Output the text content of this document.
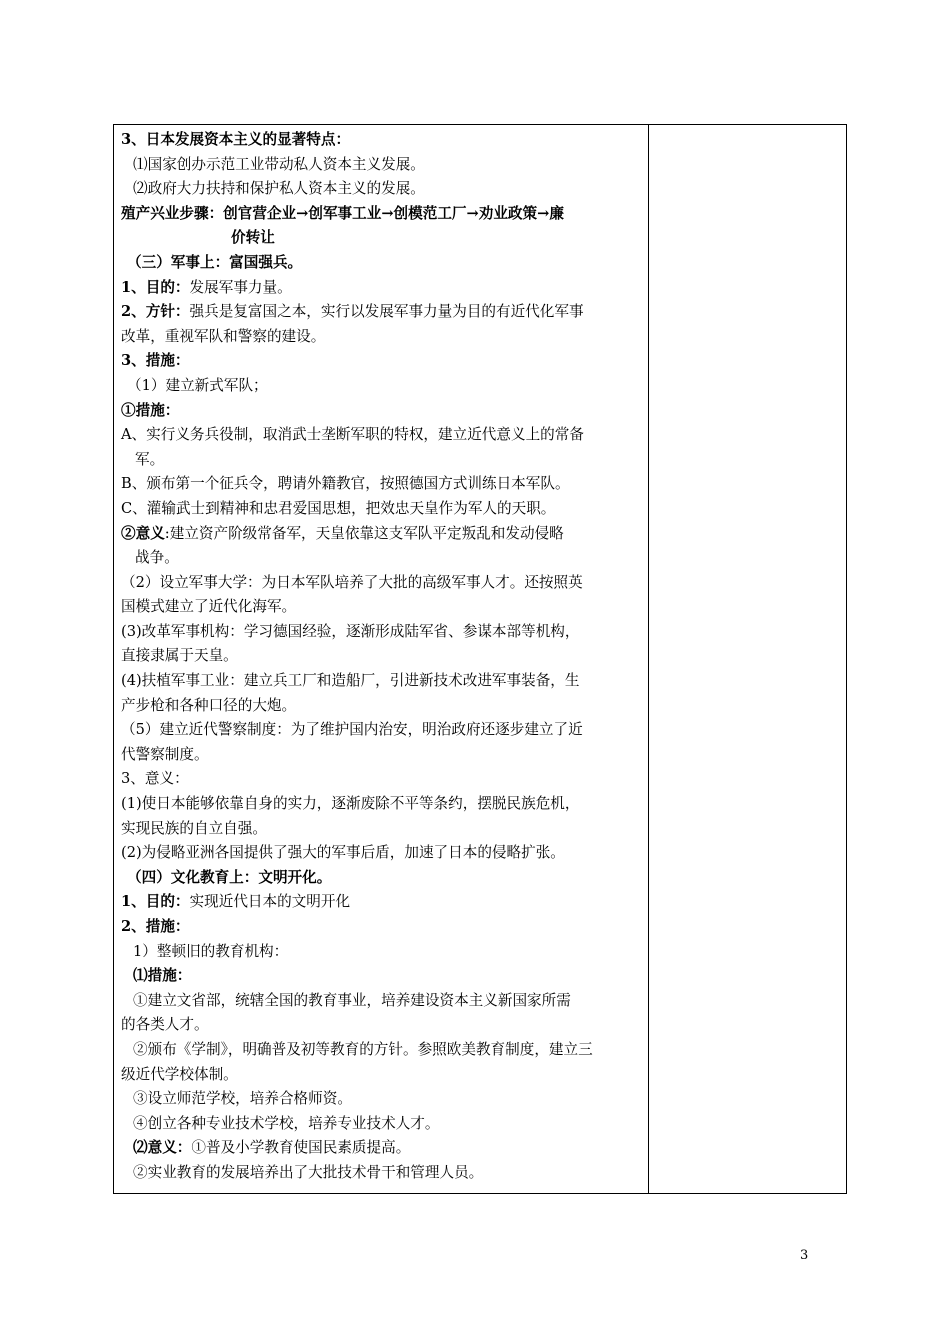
3、日本发展资本主义的显著特点：
⑴国家创办示范工业带动私人资本主义发展。
⑵政府大力扶持和保护私人资本主义的发展。
殖产兴业步骤：创官营企业→创军事工业→创模范工厂→劝业政策→廉
价转让
（三）军事上：富国强兵。
1、目的：发展军事力量。
2、方针：强兵是复富国之本，实行以发展军事力量为目的有近代化军事
改革，重视军队和警察的建设。
3、措施：
（1）建立新式军队；
①措施：
A、实行义务兵役制，取消武士垄断军职的特权，建立近代意义上的常备
军。
B、颁布第一个征兵令，聘请外籍教官，按照德国方式训练日本军队。
C、灌输武士到精神和忠君爱国思想，把效忠天皇作为军人的天职。
②意义:建立资产阶级常备军，天皇依靠这支军队平定叛乱和发动侵略
战争。
（2）设立军事大学：为日本军队培养了大批的高级军事人才。还按照英
国模式建立了近代化海军。
(3)改革军事机构：学习德国经验，逐渐形成陆军省、参谋本部等机构，
直接隶属于天皇。
(4)扶植军事工业：建立兵工厂和造船厂，引进新技术改进军事装备，生
产步枪和各种口径的大炮。
（5）建立近代警察制度：为了维护国内治安，明治政府还逐步建立了近
代警察制度。
3、意义：
(1)使日本能够依靠自身的实力，逐渐废除不平等条约，摆脱民族危机，
实现民族的自立自强。
(2)为侵略亚洲各国提供了强大的军事后盾，加速了日本的侵略扩张。
（四）文化教育上：文明开化。
1、目的：实现近代日本的文明开化
2、措施：
1）整顿旧的教育机构：
⑴措施：
①建立文省部，统辖全国的教育事业，培养建设资本主义新国家所需
的各类人才。
②颁布《学制》，明确普及初等教育的方针。参照欧美教育制度，建立三
级近代学校体制。
③设立师范学校，培养合格师资。
④创立各种专业技术学校，培养专业技术人才。
⑵意义：①普及小学教育使国民素质提高。
②实业教育的发展培养出了大批技术骨干和管理人员。
3
